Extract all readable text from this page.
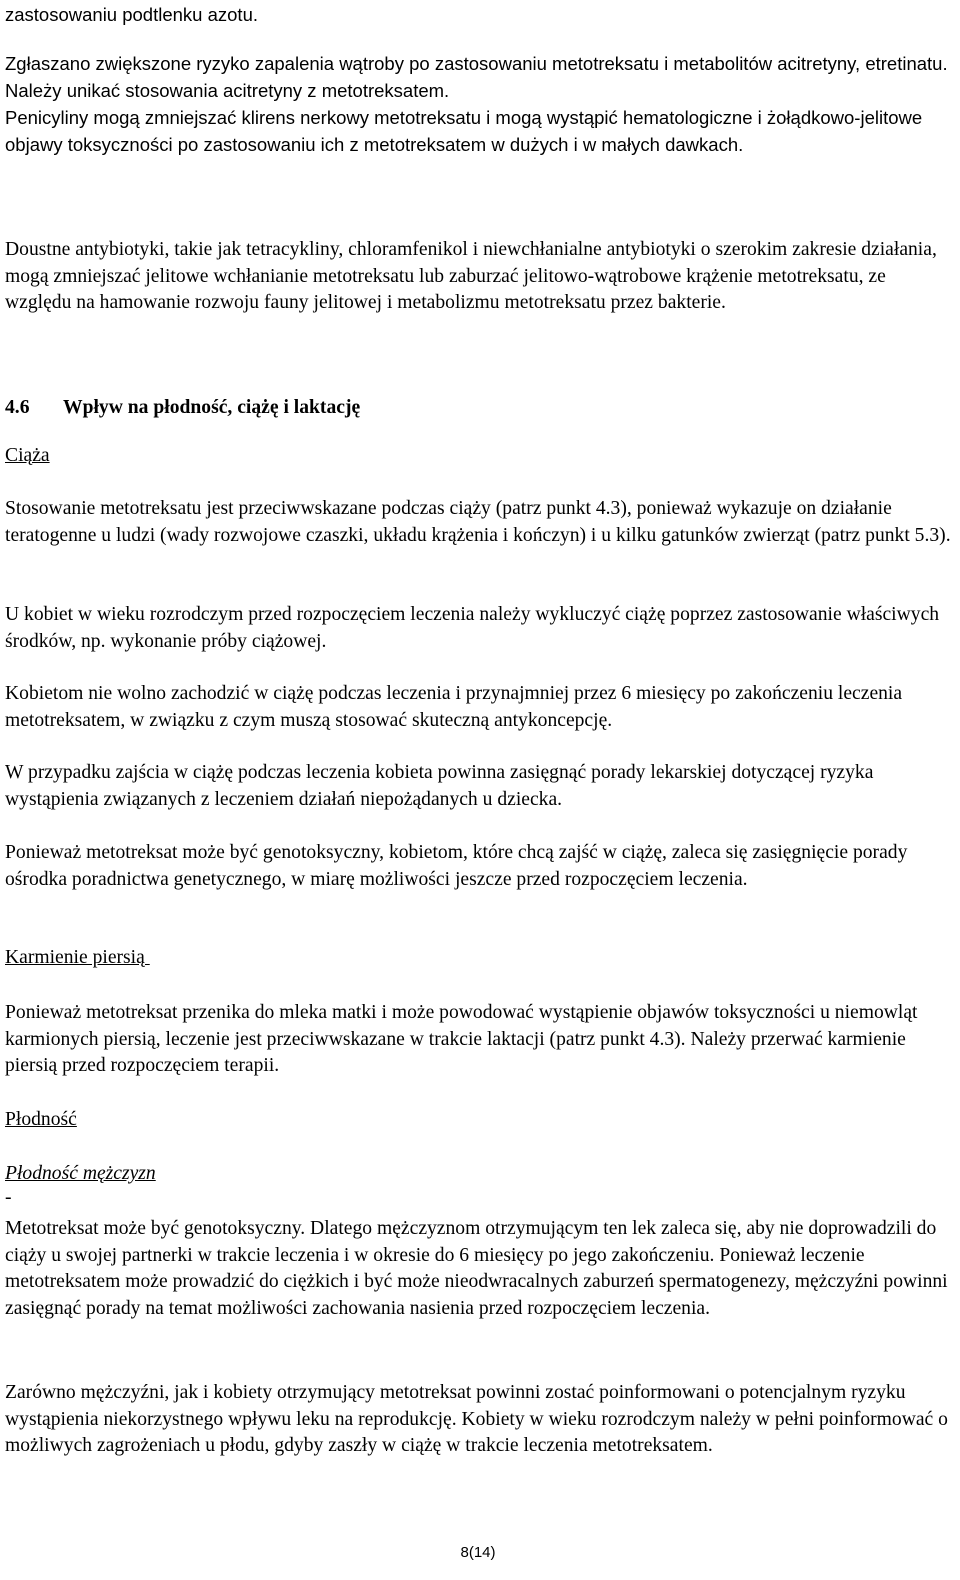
zastosowaniu podtlenku azotu.

Zgłaszano zwiększone ryzyko zapalenia wątroby po zastosowaniu metotreksatu i metabolitów acitretyny, etretinatu. Należy unikać stosowania acitretyny z metotreksatem.

Penicyliny mogą zmniejszać klirens nerkowy metotreksatu i mogą wystąpić hematologiczne i żołądkowo-jelitowe objawy toksyczności po zastosowaniu ich z metotreksatem w dużych i w małych dawkach.

Doustne antybiotyki, takie jak tetracykliny, chloramfenikol i niewchłanialne antybiotyki o szerokim zakresie działania, mogą zmniejszać jelitowe wchłanianie metotreksatu lub zaburzać jelitowo-wątrobowe krążenie metotreksatu, ze względu na hamowanie rozwoju fauny jelitowej i metabolizmu metotreksatu przez bakterie.

4.6 Wpływ na płodność, ciążę i laktację

Ciąża

Stosowanie metotreksatu jest przeciwwskazane podczas ciąży (patrz punkt 4.3), ponieważ wykazuje on działanie teratogenne u ludzi (wady rozwojowe czaszki, układu krążenia i kończyn) i u kilku gatunków zwierząt (patrz punkt 5.3).

U kobiet w wieku rozrodczym przed rozpoczęciem leczenia należy wykluczyć ciążę poprzez zastosowanie właściwych środków, np. wykonanie próby ciążowej.

Kobietom nie wolno zachodzić w ciążę podczas leczenia i przynajmniej przez 6 miesięcy po zakończeniu leczenia metotreksatem, w związku z czym muszą stosować skuteczną antykoncepcję.

W przypadku zajścia w ciążę podczas leczenia kobieta powinna zasięgnąć porady lekarskiej dotyczącej ryzyka wystąpienia związanych z leczeniem działań niepożądanych u dziecka.

Ponieważ metotreksat może być genotoksyczny, kobietom, które chcą zajść w ciążę, zaleca się zasięgnięcie porady ośrodka poradnictwa genetycznego, w miarę możliwości jeszcze przed rozpoczęciem leczenia.

Karmienie piersią

Ponieważ metotreksat przenika do mleka matki i może powodować wystąpienie objawów toksyczności u niemowląt karmionych piersią, leczenie jest przeciwwskazane w trakcie laktacji (patrz punkt 4.3). Należy przerwać karmienie piersią przed rozpoczęciem terapii.

Płodność

Płodność mężczyzn

-

Metotreksat może być genotoksyczny. Dlatego mężczyznom otrzymującym ten lek zaleca się, aby nie doprowadzili do ciąży u swojej partnerki w trakcie leczenia i w okresie do 6 miesięcy po jego zakończeniu. Ponieważ leczenie metotreksatem może prowadzić do ciężkich i być może nieodwracalnych zaburzeń spermatogenezy, mężczyźni powinni zasięgnąć porady na temat możliwości zachowania nasienia przed rozpoczęciem leczenia.

Zarówno mężczyźni, jak i kobiety otrzymujący metotreksat powinni zostać poinformowani o potencjalnym ryzyku wystąpienia niekorzystnego wpływu leku na reprodukcję. Kobiety w wieku rozrodczym należy w pełni poinformować o możliwych zagrożeniach u płodu, gdyby zaszły w ciążę w trakcie leczenia metotreksatem.

8(14)
